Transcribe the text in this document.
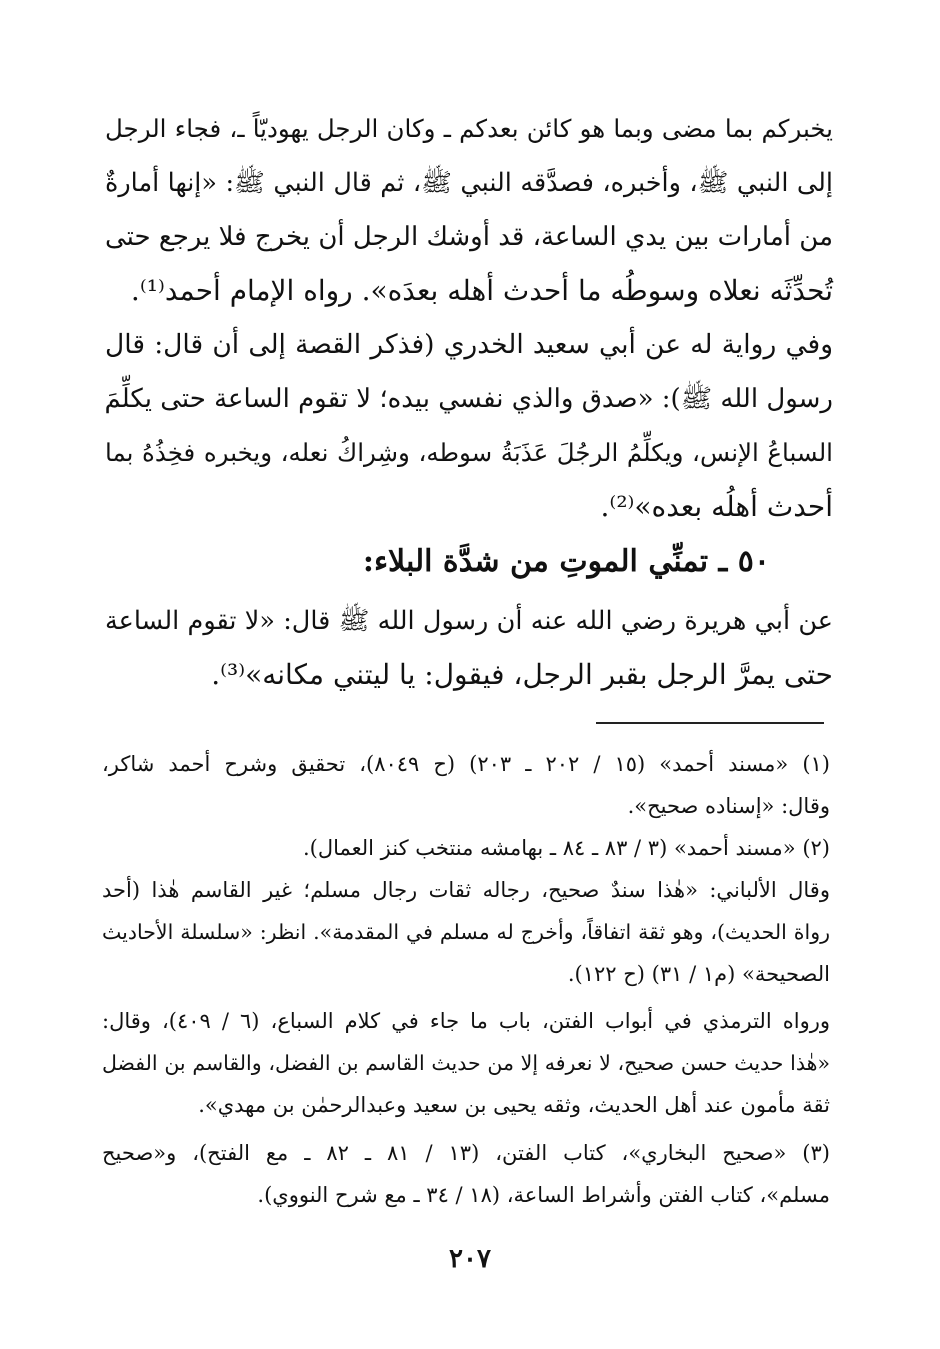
يخبركم بما مضى وبما هو كائن بعدكم ـ وكان الرجل يهوديّاً ـ، فجاء الرجل
إلى النبي ﷺ، وأخبره، فصدَّقه النبي ﷺ، ثم قال النبي ﷺ: «إنها أمارةٌ
من أمارات بين يدي الساعة، قد أوشك الرجل أن يخرج فلا يرجع حتى
تُحدِّثَه نعلاه وسوطُه ما أحدث أهله بعدَه». رواه الإمام أحمد⁽¹⁾.
وفي رواية له عن أبي سعيد الخدري (فذكر القصة إلى أن قال: قال
رسول الله ﷺ): «صدق والذي نفسي بيده؛ لا تقوم الساعة حتى يكلِّمَ
السباعُ الإنس، ويكلِّمُ الرجُلَ عَذَبَةُ سوطه، وشِراكُ نعله، ويخبره فخِذُهُ بما
أحدث أهلُه بعده»⁽²⁾.
٥٠ ـ تمنِّي الموتِ من شدَّة البلاء:
عن أبي هريرة رضي الله عنه أن رسول الله ﷺ قال: «لا تقوم الساعة
حتى يمرَّ الرجل بقبر الرجل، فيقول: يا ليتني مكانه»⁽³⁾.
(١) «مسند أحمد» (١٥ / ٢٠٢ ـ ٢٠٣) (ح ٨٠٤٩)، تحقيق وشرح أحمد شاكر،
وقال: «إسناده صحيح».
(٢) «مسند أحمد» (٣ / ٨٣ ـ ٨٤ ـ بهامشه منتخب كنز العمال).
وقال الألباني: «هٰذا سندٌ صحيح، رجاله ثقات رجال مسلم؛ غير القاسم هٰذا (أحد
رواة الحديث)، وهو ثقة اتفاقاً، وأخرج له مسلم في المقدمة». انظر: «سلسلة الأحاديث
الصحيحة» (م١ / ٣١) (ح ١٢٢).
ورواه الترمذي في أبواب الفتن، باب ما جاء في كلام السباع، (٦ / ٤٠٩)، وقال:
«هٰذا حديث حسن صحيح، لا نعرفه إلا من حديث القاسم بن الفضل، والقاسم بن الفضل
ثقة مأمون عند أهل الحديث، وثقه يحيى بن سعيد وعبدالرحمٰن بن مهدي».
(٣) «صحيح البخاري»، كتاب الفتن، (١٣ / ٨١ ـ ٨٢ ـ مع الفتح)، و«صحيح
مسلم»، كتاب الفتن وأشراط الساعة، (١٨ / ٣٤ ـ مع شرح النووي).
٢٠٧
